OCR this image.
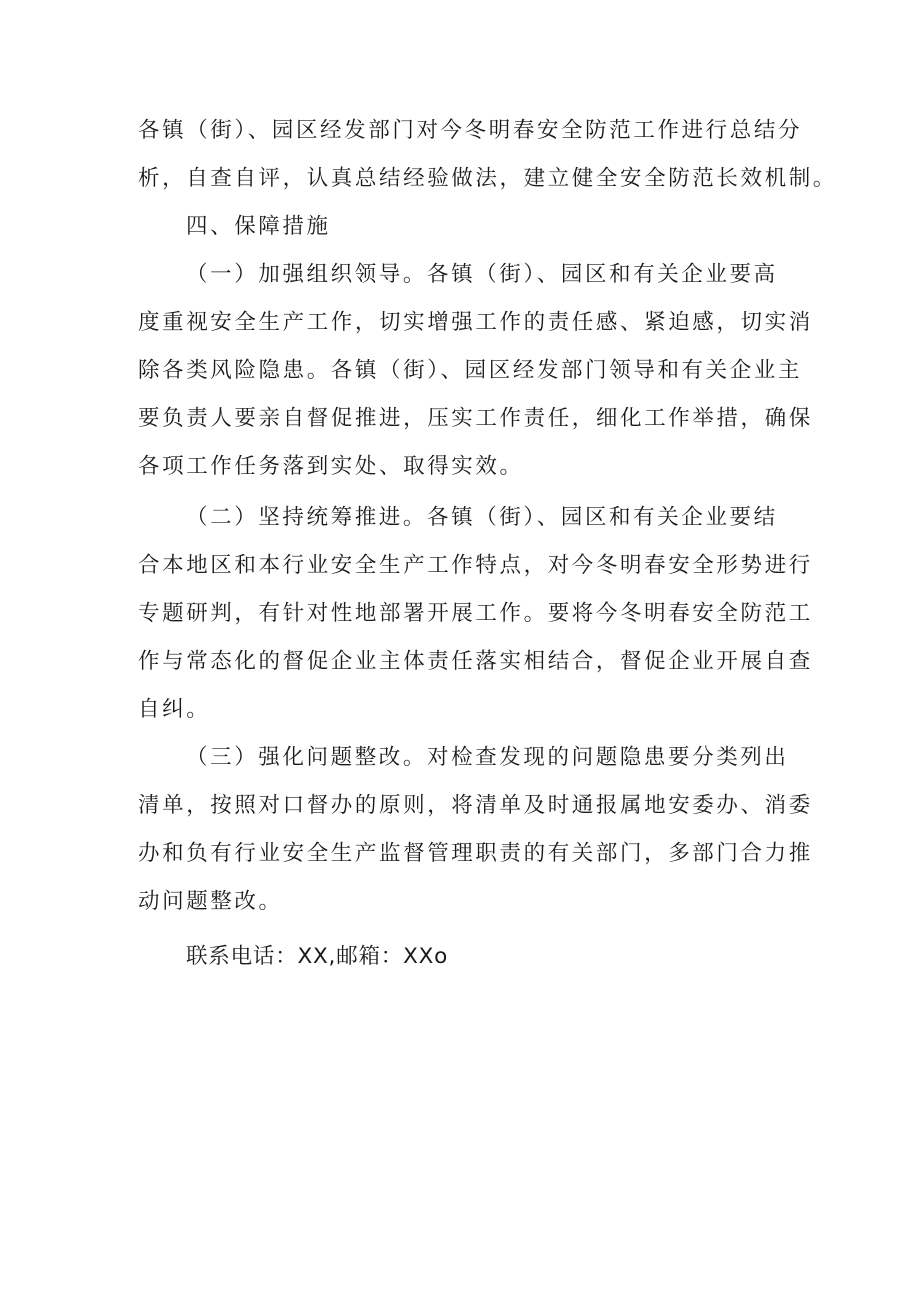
各镇（街）、园区经发部门对今冬明春安全防范工作进行总结分
析，自查自评，认真总结经验做法，建立健全安全防范长效机制。
四、保障措施
（一）加强组织领导。各镇（街）、园区和有关企业要高
度重视安全生产工作，切实增强工作的责任感、紧迫感，切实消
除各类风险隐患。各镇（街）、园区经发部门领导和有关企业主
要负责人要亲自督促推进，压实工作责任，细化工作举措，确保
各项工作任务落到实处、取得实效。
（二）坚持统筹推进。各镇（街）、园区和有关企业要结
合本地区和本行业安全生产工作特点，对今冬明春安全形势进行
专题研判，有针对性地部署开展工作。要将今冬明春安全防范工
作与常态化的督促企业主体责任落实相结合，督促企业开展自查
自纠。
（三）强化问题整改。对检查发现的问题隐患要分类列出
清单，按照对口督办的原则，将清单及时通报属地安委办、消委
办和负有行业安全生产监督管理职责的有关部门，多部门合力推
动问题整改。
联系电话：XX,邮箱：XXo
